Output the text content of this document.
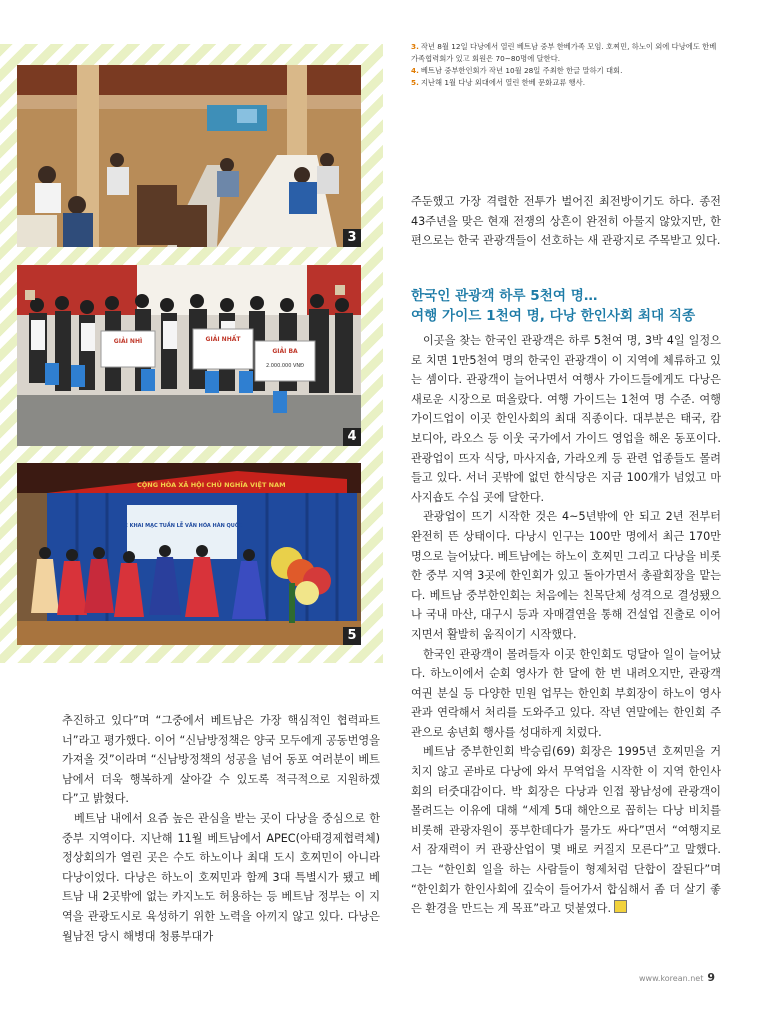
3
GIẢI NHÌ	GIẢI NHẤT
GIẢI BA
2.000.000 VNĐ
4
CỘNG HÒA XÃ HỘI CHỦ NGHĨA VIỆT NAM
LỄ KHAI MẠC TUẦN LỄ VĂN HÓA HÀN QUỐC
5

3. 작년 8월 12일 다낭에서 열린 베트남 중부 한베가족 모임. 호찌민, 하노이 외에 다낭에도 한베가족협력회가 있고 회원은 70~80명에 달한다.

4. 베트남 중부한인회가 작년 10월 28일 주최한 한글 말하기 대회.

5. 지난해 1월 다낭 외대에서 열린 한베 문화교류 행사.

주둔했고 가장 격렬한 전투가 벌어진 최전방이기도 하다. 종전 43주년을 맞은 현재 전쟁의 상흔이 완전히 아물지 않았지만, 한편으로는 한국 관광객들이 선호하는 새 관광지로 주목받고 있다.

한국인 관광객 하루 5천여 명…
여행 가이드 1천여 명, 다낭 한인사회 최대 직종

이곳을 찾는 한국인 관광객은 하루 5천여 명, 3박 4일 일정으로 치면 1만5천여 명의 한국인 관광객이 이 지역에 체류하고 있는 셈이다. 관광객이 늘어나면서 여행사 가이드들에게도 다낭은 새로운 시장으로 떠올랐다. 여행 가이드는 1천여 명 수준. 여행 가이드업이 이곳 한인사회의 최대 직종이다. 대부분은 태국, 캄보디아, 라오스 등 이웃 국가에서 가이드 영업을 해온 동포이다. 관광업이 뜨자 식당, 마사지숍, 가라오케 등 관련 업종들도 몰려들고 있다. 서너 곳밖에 없던 한식당은 지금 100개가 넘었고 마사지숍도 수십 곳에 달한다.

관광업이 뜨기 시작한 것은 4~5년밖에 안 되고 2년 전부터 완전히 뜬 상태이다. 다낭시 인구는 100만 명에서 최근 170만 명으로 늘어났다. 베트남에는 하노이 호찌민 그리고 다낭을 비롯한 중부 지역 3곳에 한인회가 있고 돌아가면서 총괄회장을 맡는다. 베트남 중부한인회는 처음에는 친목단체 성격으로 결성됐으나 국내 마산, 대구시 등과 자매결연을 통해 건설업 진출로 이어지면서 활발히 움직이기 시작했다.

한국인 관광객이 몰려들자 이곳 한인회도 덩달아 일이 늘어났다. 하노이에서 순회 영사가 한 달에 한 번 내려오지만, 관광객 여권 분실 등 다양한 민원 업무는 한인회 부회장이 하노이 영사관과 연락해서 처리를 도와주고 있다. 작년 연말에는 한인회 주관으로 송년회 행사를 성대하게 치렀다.

베트남 중부한인회 박승림(69) 회장은 1995년 호찌민을 거치지 않고 곧바로 다낭에 와서 무역업을 시작한 이 지역 한인사회의 터줏대감이다. 박 회장은 다낭과 인접 꽝남성에 관광객이 몰려드는 이유에 대해 “세계 5대 해안으로 꼽히는 다낭 비치를 비롯해 관광자원이 풍부한데다가 물가도 싸다”면서 “여행지로서 잠재력이 커 관광산업이 몇 배로 커질지 모른다”고 말했다. 그는 “한인회 일을 하는 사람들이 형제처럼 단합이 잘된다”며 “한인회가 한인사회에 깊숙이 들어가서 합심해서 좀 더 살기 좋은 환경을 만드는 게 목표”라고 덧붙였다.

추진하고 있다”며 “그중에서 베트남은 가장 핵심적인 협력파트너”라고 평가했다. 이어 “신남방정책은 양국 모두에게 공동번영을 가져올 것”이라며 “신남방정책의 성공을 넘어 동포 여러분이 베트남에서 더욱 행복하게 살아갈 수 있도록 적극적으로 지원하겠다”고 밝혔다.

베트남 내에서 요즘 높은 관심을 받는 곳이 다낭을 중심으로 한 중부 지역이다. 지난해 11월 베트남에서 APEC(아태경제협력체) 정상회의가 열린 곳은 수도 하노이나 최대 도시 호찌민이 아니라 다낭이었다. 다낭은 하노이 호찌민과 함께 3대 특별시가 됐고 베트남 내 2곳밖에 없는 카지노도 허용하는 등 베트남 정부는 이 지역을 관광도시로 육성하기 위한 노력을 아끼지 않고 있다. 다낭은 월남전 당시 해병대 청룡부대가

www.korean.net 9
